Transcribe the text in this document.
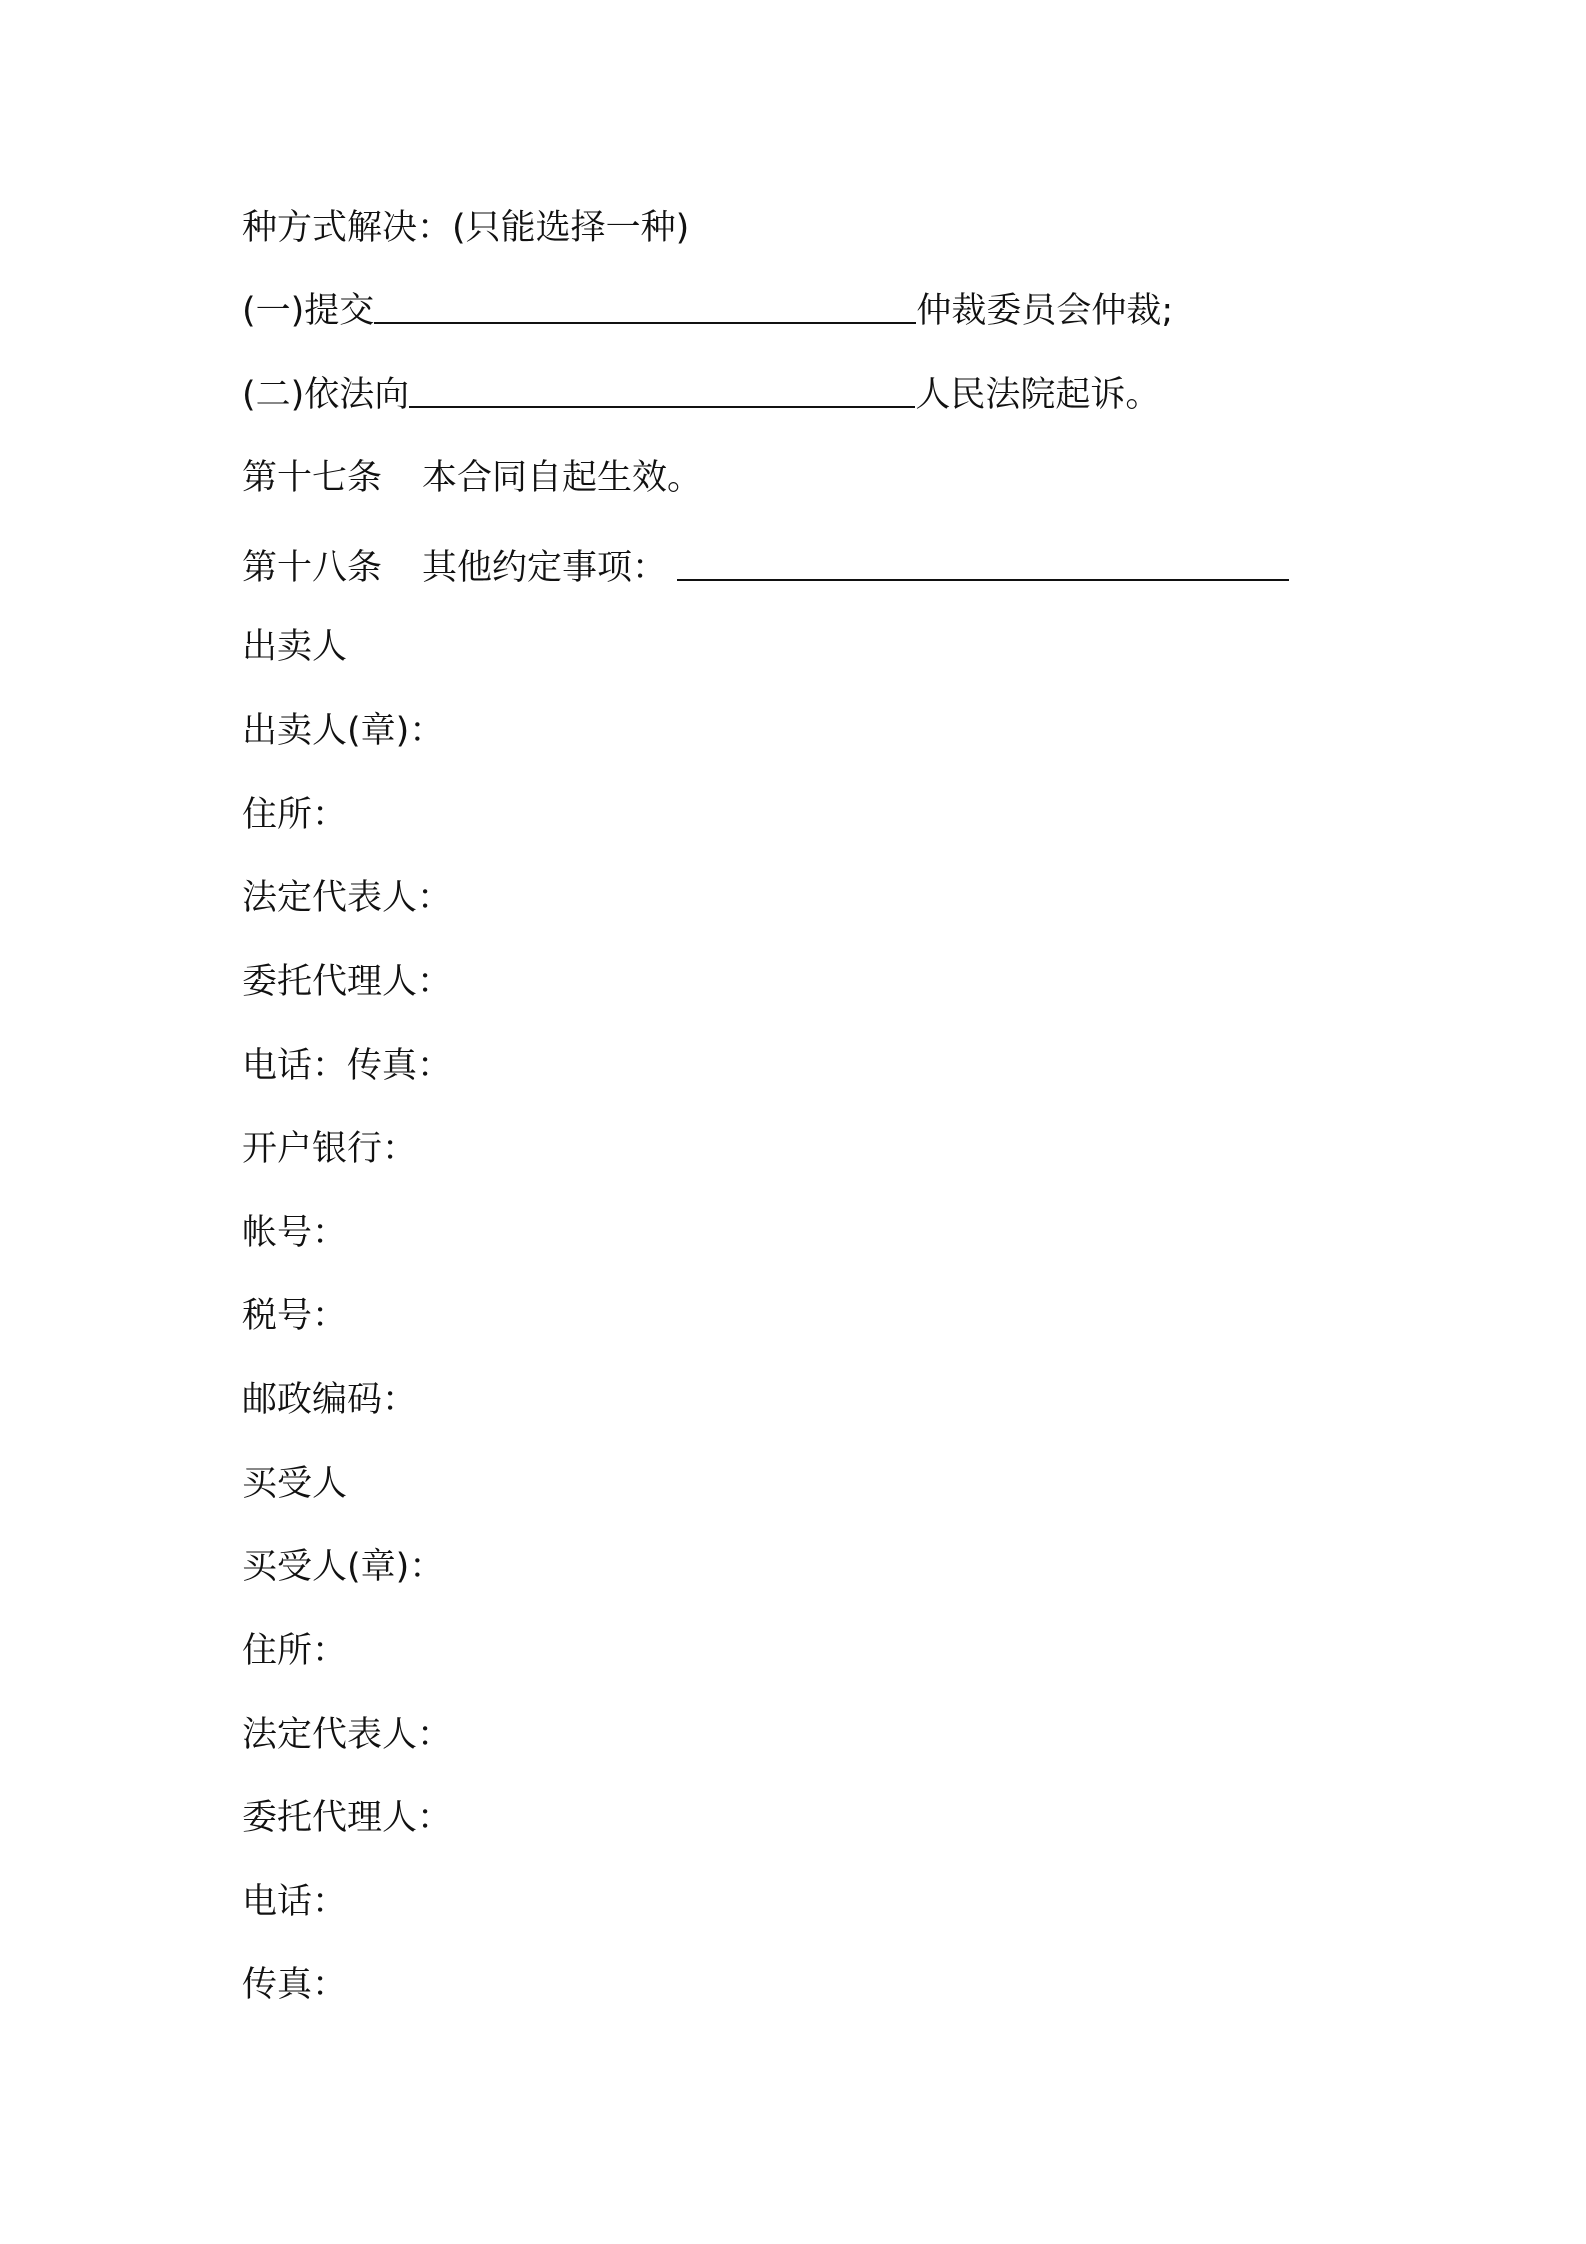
种方式解决：(只能选择一种)
(一)提交	仲裁委员会仲裁;
(二)依法向	人民法院起诉。
第十七条 本合同自起生效。
第十八条 其他约定事项：
出卖人
出卖人(章)：
住所：
法定代表人：
委托代理人：
电话：传真：
开户银行：
帐号：
税号：
邮政编码：
买受人
买受人(章)：
住所：
法定代表人：
委托代理人：
电话：
传真：
